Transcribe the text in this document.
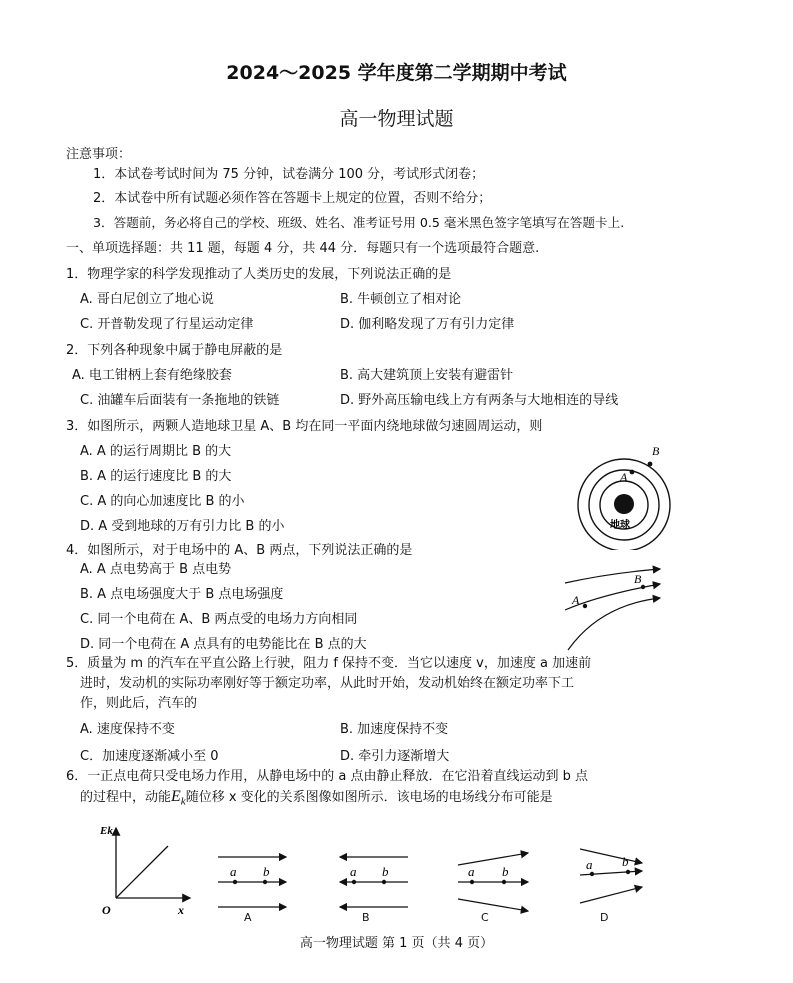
2024～2025 学年度第二学期期中考试
高一物理试题
注意事项：
1．本试卷考试时间为 75 分钟，试卷满分 100 分，考试形式闭卷；
2．本试卷中所有试题必须作答在答题卡上规定的位置，否则不给分；
3．答题前，务必将自己的学校、班级、姓名、准考证号用 0.5 毫米黑色签字笔填写在答题卡上.
一、单项选择题：共 11 题，每题 4 分，共 44 分．每题只有一个选项最符合题意.
1．物理学家的科学发现推动了人类历史的发展，下列说法正确的是
A. 哥白尼创立了地心说	B. 牛顿创立了相对论
C. 开普勒发现了行星运动定律	D. 伽利略发现了万有引力定律
2．下列各种现象中属于静电屏蔽的是
A. 电工钳柄上套有绝缘胶套	B. 高大建筑顶上安装有避雷针
C. 油罐车后面装有一条拖地的铁链	D. 野外高压输电线上方有两条与大地相连的导线
3．如图所示，两颗人造地球卫星 A、B 均在同一平面内绕地球做匀速圆周运动，则
A. A 的运行周期比 B 的大
B. A 的运行速度比 B 的大
C. A 的向心加速度比 B 的小
D. A 受到地球的万有引力比 B 的小
A
B
地球
4．如图所示，对于电场中的 A、B 两点，下列说法正确的是
A. A 点电势高于 B 点电势
B. A 点电场强度大于 B 点电场强度
C. 同一个电荷在 A、B 两点受的电场力方向相同
D. 同一个电荷在 A 点具有的电势能比在 B 点的大
A
B
5．质量为 m 的汽车在平直公路上行驶，阻力 f 保持不变．当它以速度 v，加速度 a 加速前
进时，发动机的实际功率刚好等于额定功率，从此时开始，发动机始终在额定功率下工
作，则此后，汽车的
A. 速度保持不变	B. 加速度保持不变
C．加速度逐渐减小至 0	D. 牵引力逐渐增大
6．一正点电荷只受电场力作用，从静电场中的 a 点由静止释放．在它沿着直线运动到 b 点
的过程中，动能$E_k$随位移 x 变化的关系图像如图所示．该电场的电场线分布可能是
Ek
x
O
a b	a b	a b	a b
A	B	C	D
高一物理试题 第 1 页（共 4 页）
